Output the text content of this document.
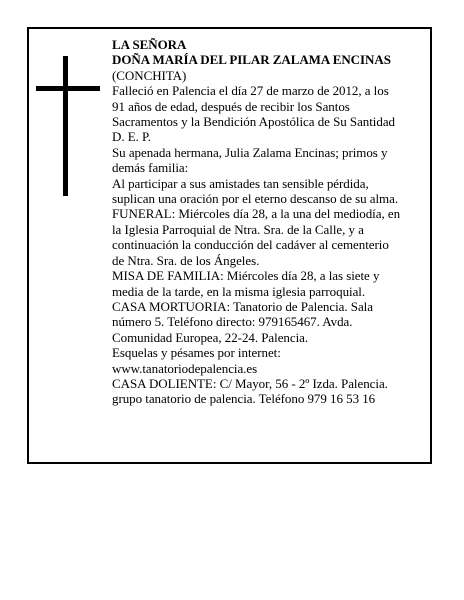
LA SEÑORA
DOÑA MARÍA DEL PILAR ZALAMA ENCINAS
(CONCHITA)
Falleció en Palencia el día 27 de marzo de 2012, a los
91 años de edad, después de recibir los Santos
Sacramentos y la Bendición Apostólica de Su Santidad
D. E. P.
Su apenada hermana, Julia Zalama Encinas; primos y
demás familia:
Al participar a sus amistades tan sensible pérdida,
suplican una oración por el eterno descanso de su alma.
FUNERAL: Miércoles día 28, a la una del mediodía, en
la Iglesia Parroquial de Ntra. Sra. de la Calle, y a
continuación la conducción del cadáver al cementerio
de Ntra. Sra. de los Ángeles.
MISA DE FAMILIA: Miércoles día 28, a las siete y
media de la tarde, en la misma iglesia parroquial.
CASA MORTUORIA: Tanatorio de Palencia. Sala
número 5. Teléfono directo: 979165467. Avda.
Comunidad Europea, 22-24. Palencia.
Esquelas y pésames por internet:
www.tanatoriodepalencia.es
CASA DOLIENTE: C/ Mayor, 56 - 2º Izda. Palencia.
grupo tanatorio de palencia. Teléfono 979 16 53 16
